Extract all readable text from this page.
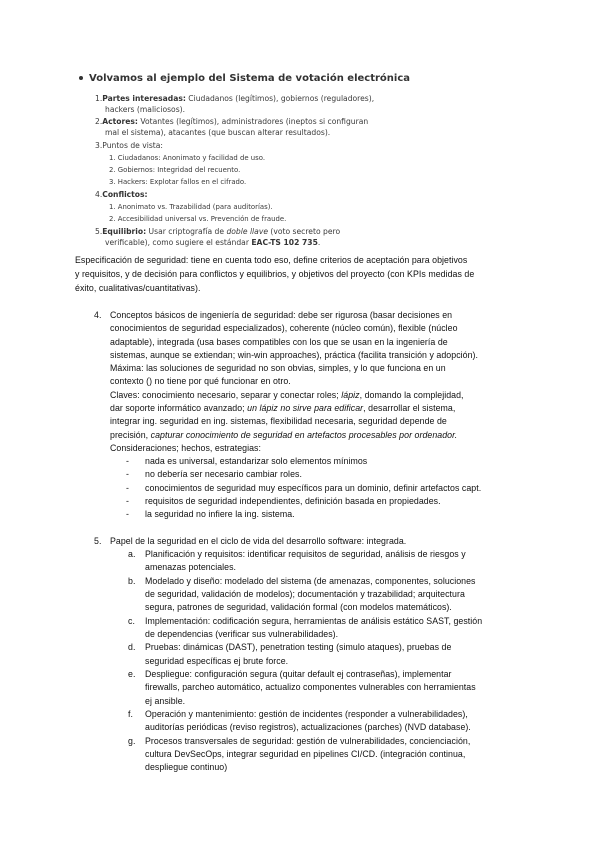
Volvamos al ejemplo del Sistema de votación electrónica
1.Partes interesadas: Ciudadanos (legítimos), gobiernos (reguladores),
hackers (maliciosos).
2.Actores: Votantes (legítimos), administradores (ineptos si configuran
mal el sistema), atacantes (que buscan alterar resultados).
3.Puntos de vista:
1. Ciudadanos: Anonimato y facilidad de uso.
2. Gobiernos: Integridad del recuento.
3. Hackers: Explotar fallos en el cifrado.
4.Conflictos:
1. Anonimato vs. Trazabilidad (para auditorías).
2. Accesibilidad universal vs. Prevención de fraude.
5.Equilibrio: Usar criptografía de doble llave (voto secreto pero
verificable), como sugiere el estándar EAC-TS 102 735.
Especificación de seguridad: tiene en cuenta todo eso, define criterios de aceptación para objetivos
y requisitos, y de decisión para conflictos y equilibrios, y objetivos del proyecto (con KPIs medidas de
éxito, cualitativas/cuantitativas).
4. Conceptos básicos de ingeniería de seguridad: debe ser rigurosa (basar decisiones en
conocimientos de seguridad especializados), coherente (núcleo común), flexible (núcleo
adaptable), integrada (usa bases compatibles con los que se usan en la ingeniería de
sistemas, aunque se extiendan; win-win approaches), práctica (facilita transición y adopción).
Máxima: las soluciones de seguridad no son obvias, simples, y lo que funciona en un
contexto () no tiene por qué funcionar en otro.
Claves: conocimiento necesario, separar y conectar roles; lápiz, domando la complejidad,
dar soporte informático avanzado; un lápiz no sirve para edificar, desarrollar el sistema,
integrar ing. seguridad en ing. sistemas, flexibilidad necesaria, seguridad depende de
precisión, capturar conocimiento de seguridad en artefactos procesables por ordenador.
Consideraciones; hechos, estrategias:
- nada es universal, estandarizar solo elementos mínimos
- no debería ser necesario cambiar roles.
- conocimientos de seguridad muy específicos para un dominio, definir artefactos capt.
- requisitos de seguridad independientes, definición basada en propiedades.
- la seguridad no infiere la ing. sistema.
5. Papel de la seguridad en el ciclo de vida del desarrollo software: integrada.
a. Planificación y requisitos: identificar requisitos de seguridad, análisis de riesgos y
amenazas potenciales.
b. Modelado y diseño: modelado del sistema (de amenazas, componentes, soluciones
de seguridad, validación de modelos); documentación y trazabilidad; arquitectura
segura, patrones de seguridad, validación formal (con modelos matemáticos).
c. Implementación: codificación segura, herramientas de análisis estático SAST, gestión
de dependencias (verificar sus vulnerabilidades).
d. Pruebas: dinámicas (DAST), penetration testing (simulo ataques), pruebas de
seguridad específicas ej brute force.
e. Despliegue: configuración segura (quitar default ej contraseñas), implementar
firewalls, parcheo automático, actualizo componentes vulnerables con herramientas
ej ansible.
f. Operación y mantenimiento: gestión de incidentes (responder a vulnerabilidades),
auditorías periódicas (reviso registros), actualizaciones (parches) (NVD database).
g. Procesos transversales de seguridad: gestión de vulnerabilidades, concienciación,
cultura DevSecOps, integrar seguridad en pipelines CI/CD. (integración continua,
despliegue continuo)
